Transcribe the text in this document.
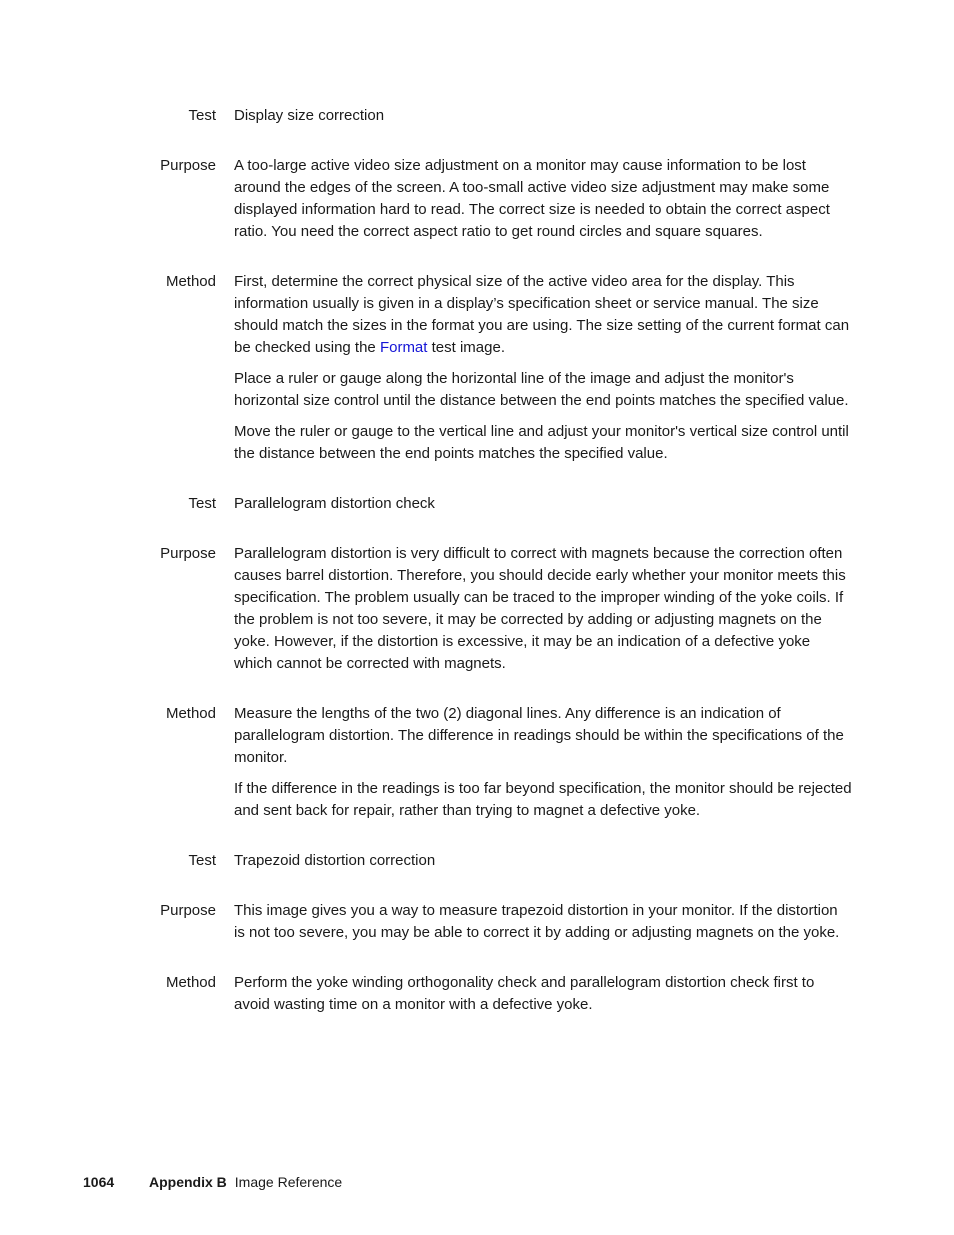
Test	Display size correction
Purpose	A too-large active video size adjustment on a monitor may cause information to be lost around the edges of the screen. A too-small active video size adjustment may make some displayed information hard to read. The correct size is needed to obtain the correct aspect ratio. You need the correct aspect ratio to get round circles and square squares.

Method	First, determine the correct physical size of the active video area for the display. This information usually is given in a display’s specification sheet or service manual. The size should match the sizes in the format you are using. The size setting of the current format can be checked using the Format test image.

Place a ruler or gauge along the horizontal line of the image and adjust the monitor's horizontal size control until the distance between the end points matches the specified value.

Move the ruler or gauge to the vertical line and adjust your monitor's vertical size control until the distance between the end points matches the specified value.

Test	Parallelogram distortion check
Purpose	Parallelogram distortion is very difficult to correct with magnets because the correction often causes barrel distortion. Therefore, you should decide early whether your monitor meets this specification. The problem usually can be traced to the improper winding of the yoke coils. If the problem is not too severe, it may be corrected by adding or adjusting magnets on the yoke. However, if the distortion is excessive, it may be an indication of a defective yoke which cannot be corrected with magnets.

Method	Measure the lengths of the two (2) diagonal lines. Any difference is an indication of parallelogram distortion. The difference in readings should be within the specifications of the monitor.

If the difference in the readings is too far beyond specification, the monitor should be rejected and sent back for repair, rather than trying to magnet a defective yoke.

Test	Trapezoid distortion correction
Purpose	This image gives you a way to measure trapezoid distortion in your monitor. If the distortion is not too severe, you may be able to correct it by adding or adjusting magnets on the yoke.

Method	Perform the yoke winding orthogonality check and parallelogram distortion check first to avoid wasting time on a monitor with a defective yoke.

1064	Appendix B Image Reference
